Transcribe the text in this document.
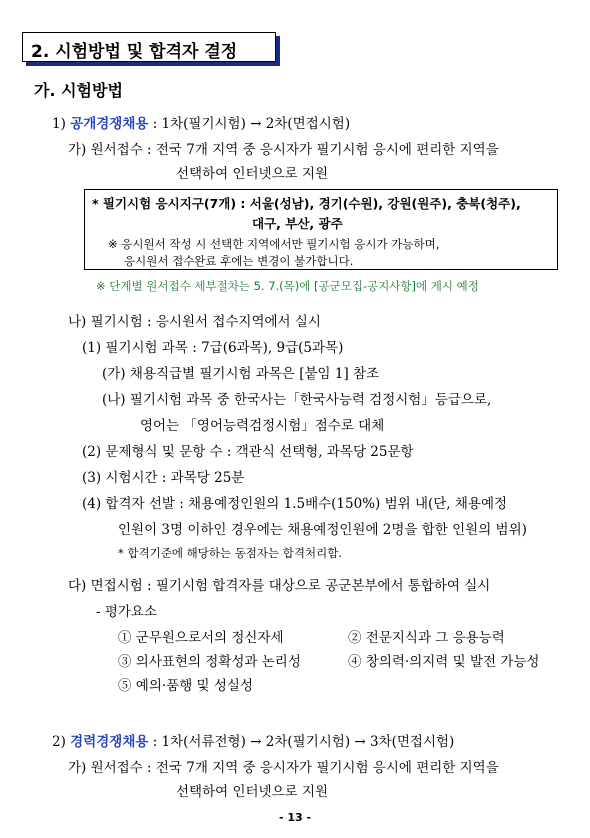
2. 시험방법 및 합격자 결정
가. 시험방법
1) 공개경쟁채용 : 1차(필기시험) → 2차(면접시험)
가) 원서접수 : 전국 7개 지역 중 응시자가 필기시험 응시에 편리한 지역을
선택하여 인터넷으로 지원
* 필기시험 응시지구(7개) : 서울(성남), 경기(수원), 강원(원주), 충북(청주),
대구, 부산, 광주
※ 응시원서 작성 시 선택한 지역에서만 필기시험 응시가 가능하며,
응시원서 접수완료 후에는 변경이 불가합니다.
※ 단계별 원서접수 세부절차는 5. 7.(목)에 [공군모집-공지사항]에 게시 예정
나) 필기시험 : 응시원서 접수지역에서 실시
(1) 필기시험 과목 : 7급(6과목), 9급(5과목)
(가) 채용직급별 필기시험 과목은 [붙임 1] 참조
(나) 필기시험 과목 중 한국사는「한국사능력 검정시험」등급으로,
영어는 「영어능력검정시험」점수로 대체
(2) 문제형식 및 문항 수 : 객관식 선택형, 과목당 25문항
(3) 시험시간 : 과목당 25분
(4) 합격자 선발 : 채용예정인원의 1.5배수(150%) 범위 내(단, 채용예정
인원이 3명 이하인 경우에는 채용예정인원에 2명을 합한 인원의 범위)
* 합격기준에 해당하는 동점자는 합격처리함.
다) 면접시험 : 필기시험 합격자를 대상으로 공군본부에서 통합하여 실시
- 평가요소
① 군무원으로서의 정신자세	② 전문지식과 그 응용능력
③ 의사표현의 정확성과 논리성	④ 창의력·의지력 및 발전 가능성
⑤ 예의·품행 및 성실성
2) 경력경쟁채용 : 1차(서류전형) → 2차(필기시험) → 3차(면접시험)
가) 원서접수 : 전국 7개 지역 중 응시자가 필기시험 응시에 편리한 지역을
선택하여 인터넷으로 지원
- 13 -
